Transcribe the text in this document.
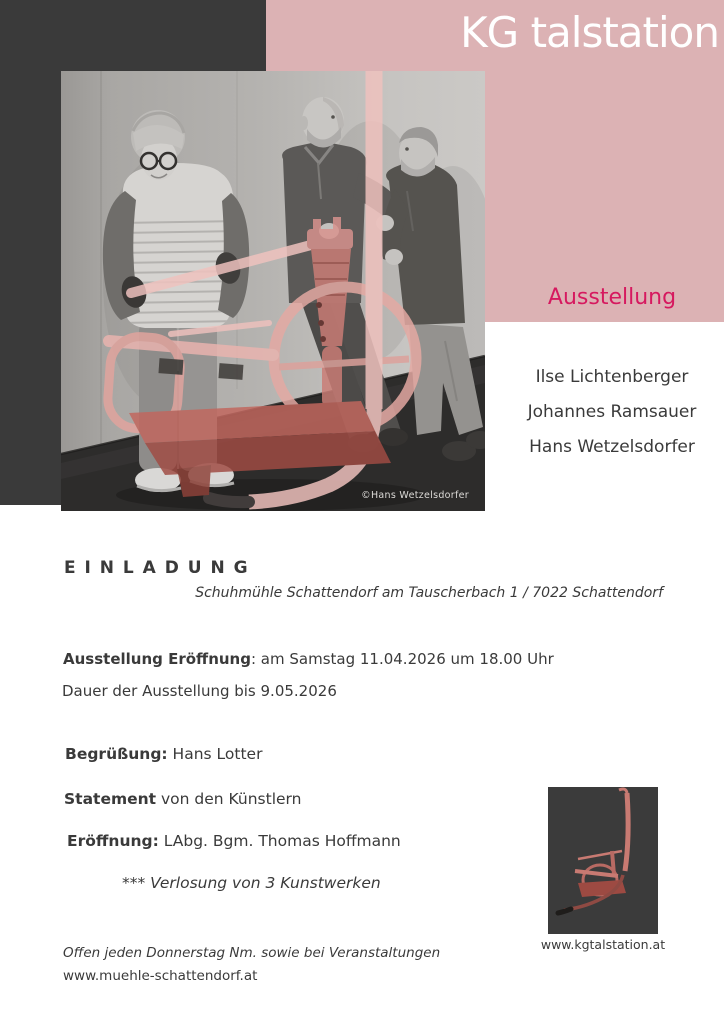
KG talstation
©Hans Wetzelsdorfer
Ausstellung
Ilse Lichtenberger
Johannes Ramsauer
Hans Wetzelsdorfer
E I N L A D U N G
Schuhmühle Schattendorf am Tauscherbach 1 / 7022 Schattendorf
Ausstellung Eröffnung: am Samstag 11.04.2026 um 18.00 Uhr
Dauer der Ausstellung bis 9.05.2026
Begrüßung: Hans Lotter
Statement von den Künstlern
Eröffnung: LAbg. Bgm. Thomas Hoffmann
*** Verlosung von 3 Kunstwerken
Offen jeden Donnerstag Nm. sowie bei Veranstaltungen
www.muehle-schattendorf.at
www.kgtalstation.at
